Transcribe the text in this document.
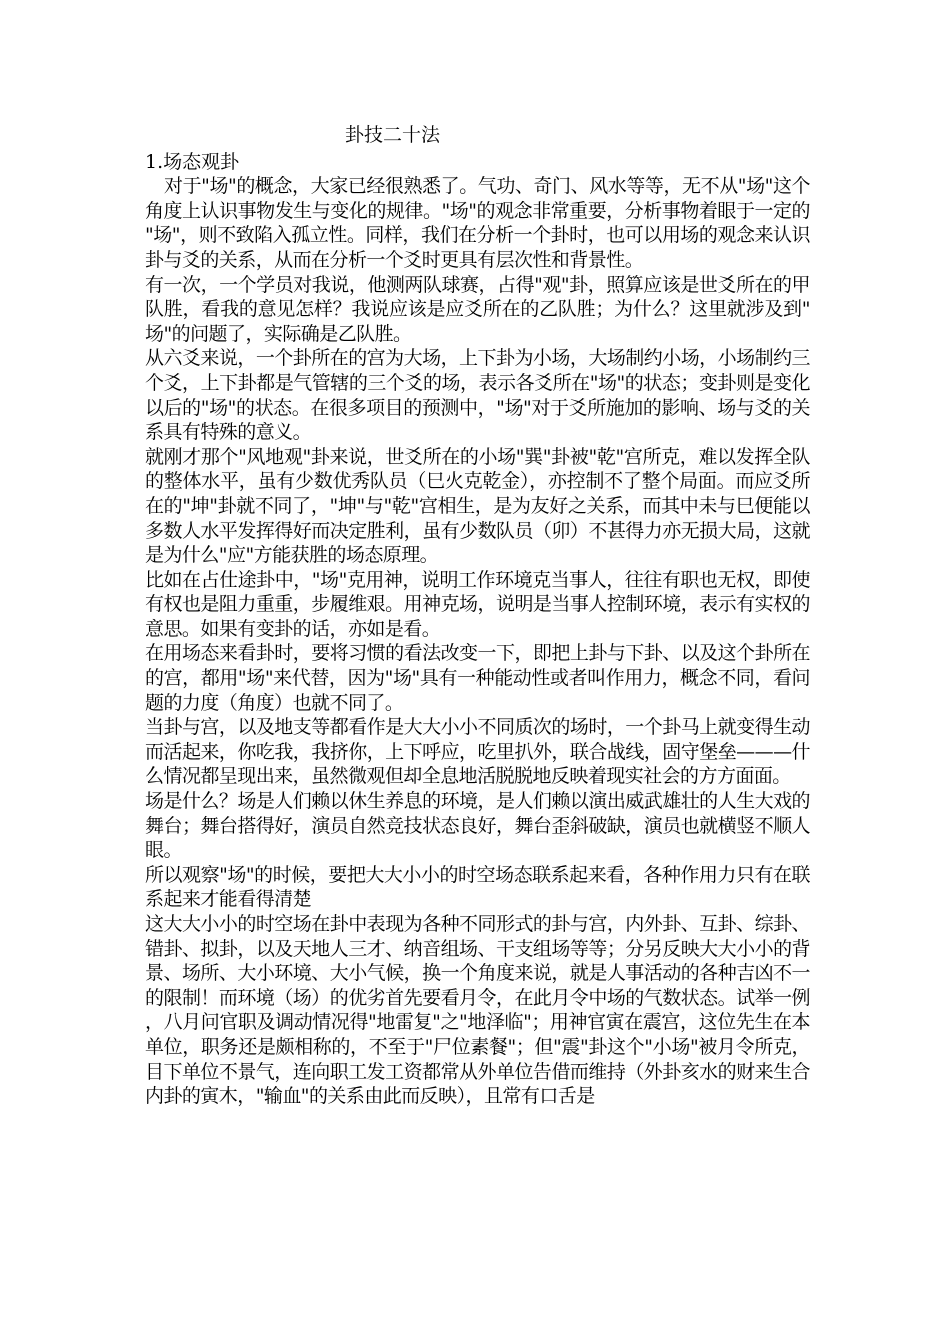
卦技二十法
1.场态观卦

对于"场"的概念，大家已经很熟悉了。气功、奇门、风水等等，无不从"场"这个角度上认识事物发生与变化的规律。"场"的观念非常重要，分析事物着眼于一定的"场"，则不致陷入孤立性。同样，我们在分析一个卦时，也可以用场的观念来认识卦与爻的关系，从而在分析一个爻时更具有层次性和背景性。

有一次，一个学员对我说，他测两队球赛，占得"观"卦，照算应该是世爻所在的甲队胜，看我的意见怎样？我说应该是应爻所在的乙队胜；为什么？这里就涉及到"场"的问题了，实际确是乙队胜。

从六爻来说，一个卦所在的宫为大场，上下卦为小场，大场制约小场，小场制约三个爻，上下卦都是气管辖的三个爻的场，表示各爻所在"场"的状态；变卦则是变化以后的"场"的状态。在很多项目的预测中，"场"对于爻所施加的影响、场与爻的关系具有特殊的意义。

就刚才那个"风地观"卦来说，世爻所在的小场"巽"卦被"乾"宫所克，难以发挥全队的整体水平，虽有少数优秀队员（巳火克乾金），亦控制不了整个局面。而应爻所在的"坤"卦就不同了，"坤"与"乾"宫相生，是为友好之关系，而其中未与巳便能以多数人水平发挥得好而决定胜利，虽有少数队员（卯）不甚得力亦无损大局，这就是为什么"应"方能获胜的场态原理。

比如在占仕途卦中，"场"克用神，说明工作环境克当事人，往往有职也无权，即使有权也是阻力重重，步履维艰。用神克场，说明是当事人控制环境，表示有实权的意思。如果有变卦的话，亦如是看。

在用场态来看卦时，要将习惯的看法改变一下，即把上卦与下卦、以及这个卦所在的宫，都用"场"来代替，因为"场"具有一种能动性或者叫作用力，概念不同，看问题的力度（角度）也就不同了。

当卦与宫，以及地支等都看作是大大小小不同质次的场时，一个卦马上就变得生动而活起来，你吃我，我挤你，上下呼应，吃里扒外，联合战线，固守堡垒———什么情况都呈现出来，虽然微观但却全息地活脱脱地反映着现实社会的方方面面。

场是什么？场是人们赖以休生养息的环境，是人们赖以演出威武雄壮的人生大戏的舞台；舞台搭得好，演员自然竞技状态良好，舞台歪斜破缺，演员也就横竖不顺人眼。

所以观察"场"的时候，要把大大小小的时空场态联系起来看，各种作用力只有在联系起来才能看得清楚

这大大小小的时空场在卦中表现为各种不同形式的卦与宫，内外卦、互卦、综卦、错卦、拟卦，以及天地人三才、纳音组场、干支组场等等；分另反映大大小小的背景、场所、大小环境、大小气候，换一个角度来说，就是人事活动的各种吉凶不一的限制！而环境（场）的优劣首先要看月令，在此月令中场的气数状态。试举一例，八月问官职及调动情况得"地雷复"之"地泽临"；用神官寅在震宫，这位先生在本单位，职务还是颇相称的，不至于"尸位素餐"；但"震"卦这个"小场"被月令所克，目下单位不景气，连向职工发工资都常从外单位告借而维持（外卦亥水的财来生合内卦的寅木，"输血"的关系由此而反映），且常有口舌是
